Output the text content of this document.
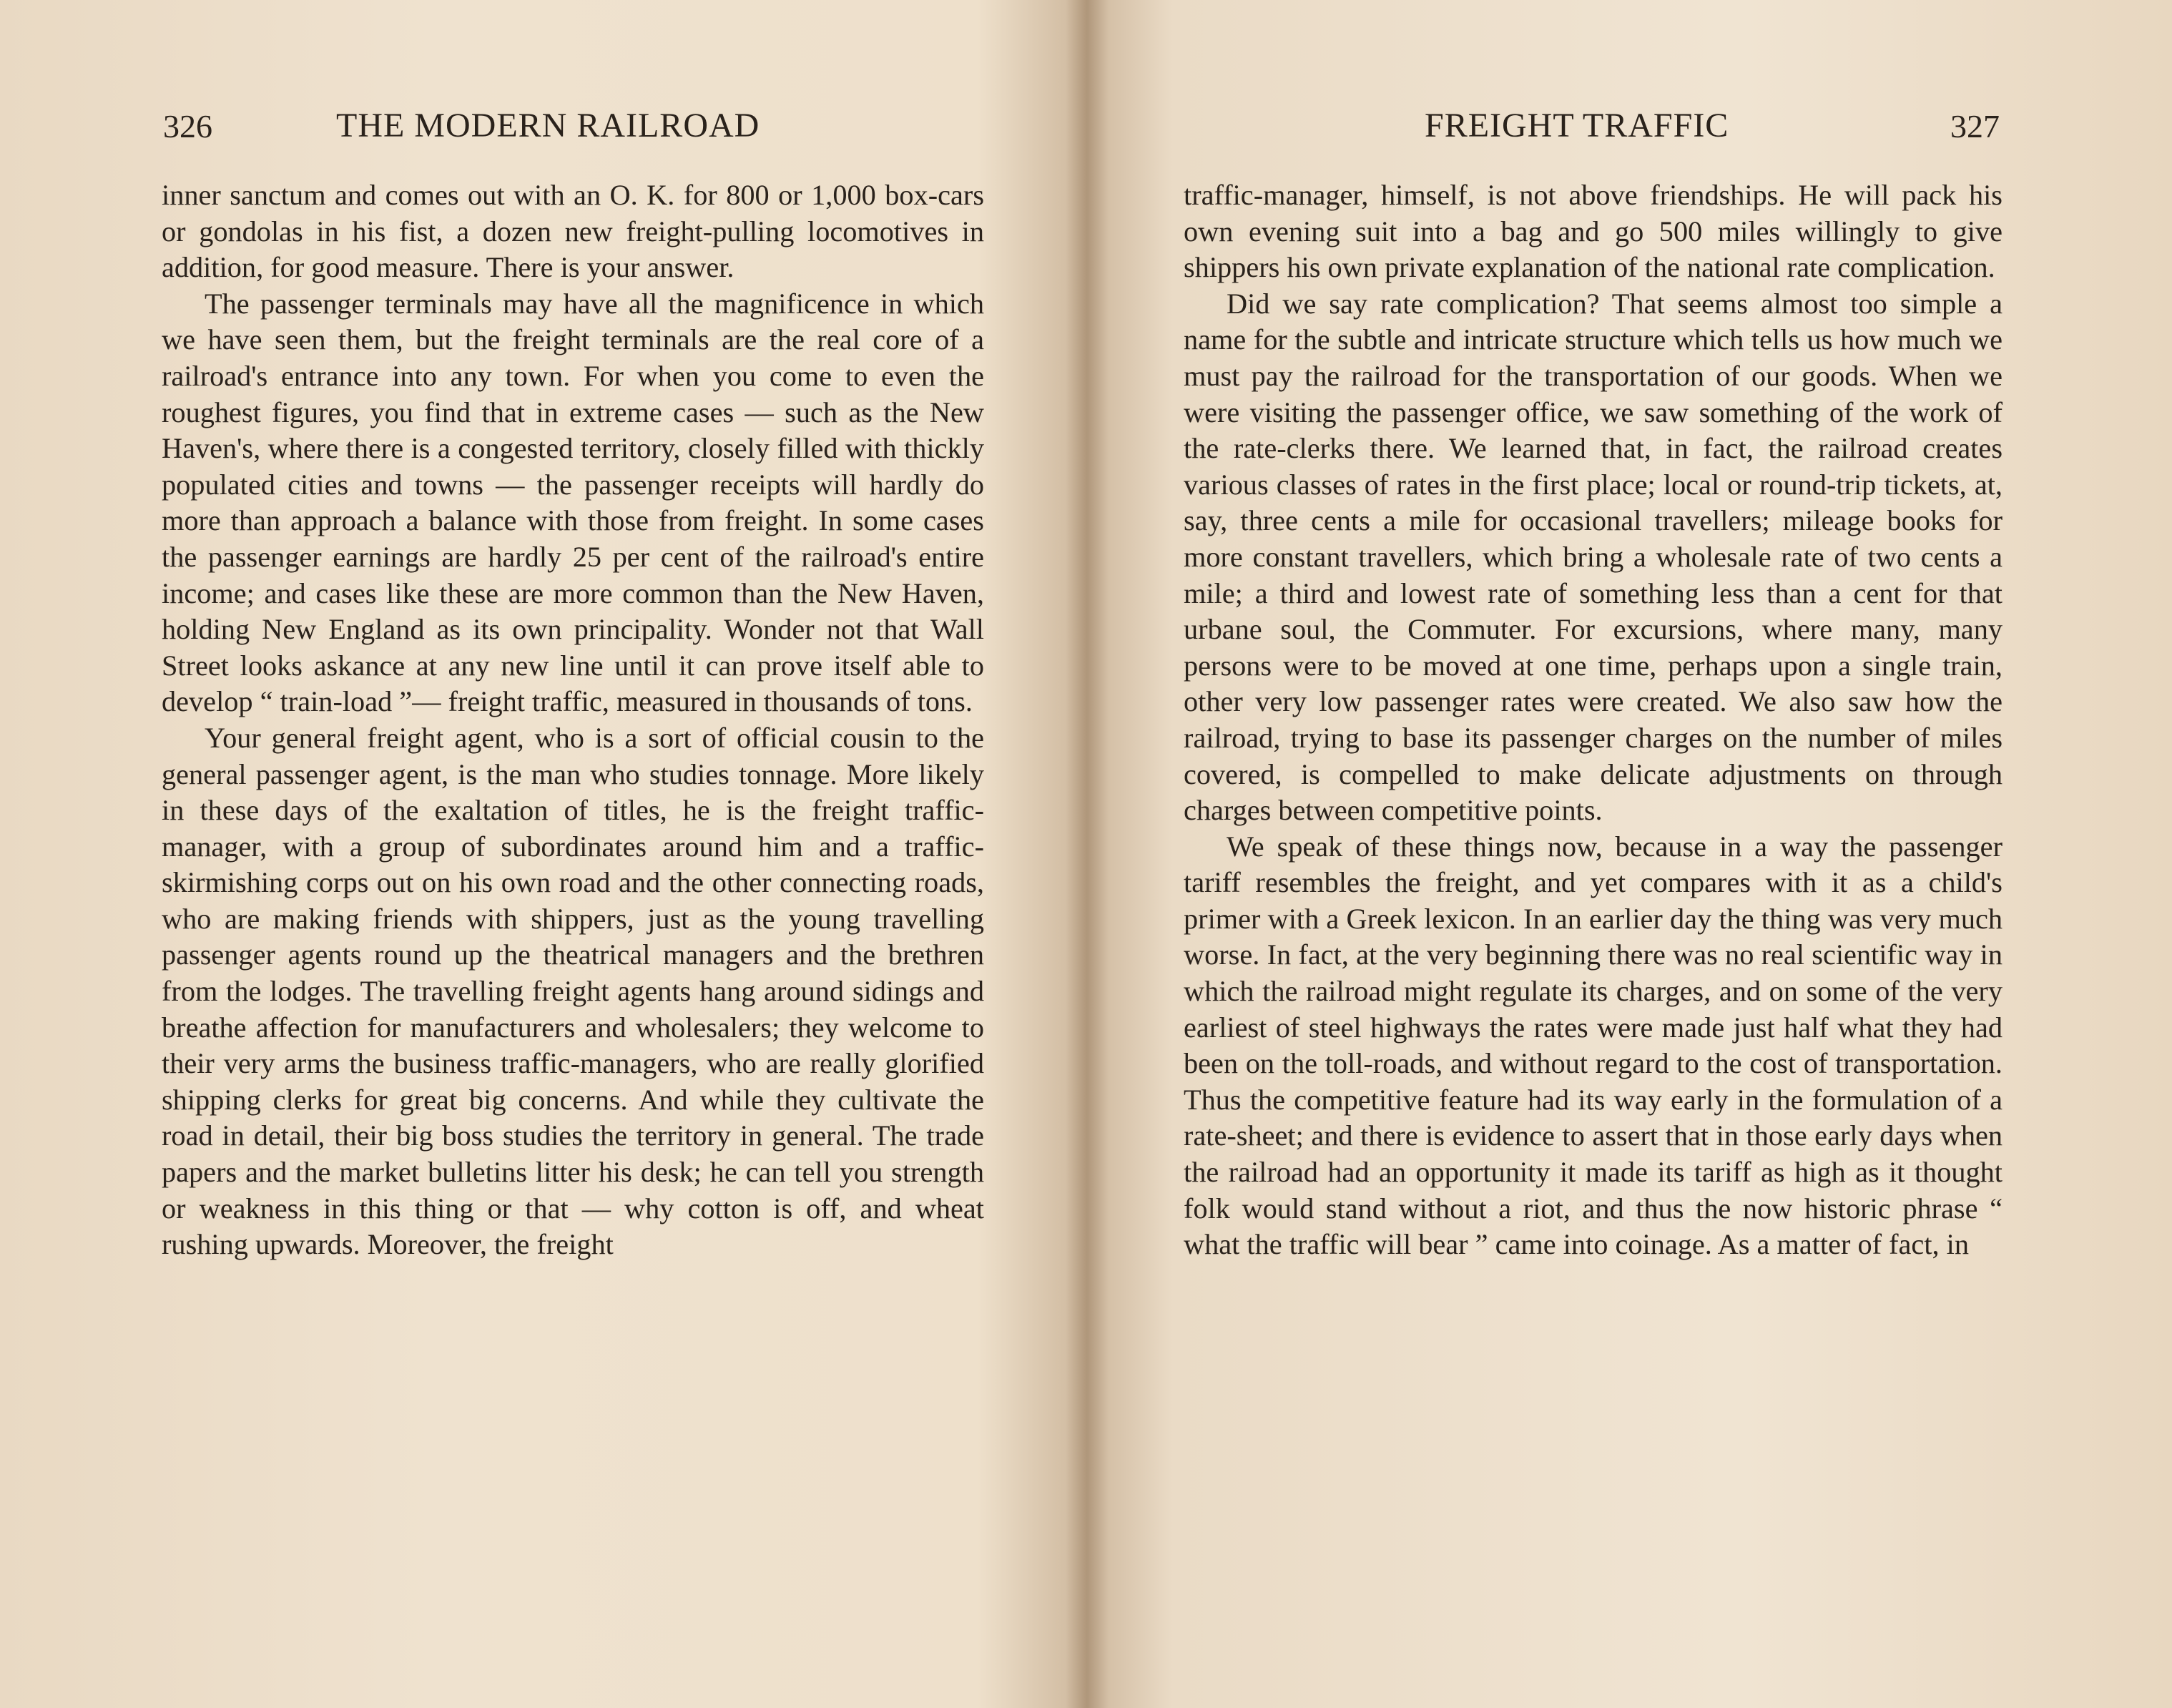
326	THE MODERN RAILROAD

inner sanctum and comes out with an O. K. for 800 or 1,000 box-cars or gondolas in his fist, a dozen new freight-pulling locomotives in addition, for good measure. There is your answer.

The passenger terminals may have all the magnificence in which we have seen them, but the freight terminals are the real core of a railroad's entrance into any town. For when you come to even the roughest figures, you find that in extreme cases — such as the New Haven's, where there is a congested territory, closely filled with thickly populated cities and towns — the passenger receipts will hardly do more than approach a balance with those from freight. In some cases the passenger earnings are hardly 25 per cent of the railroad's entire income; and cases like these are more common than the New Haven, holding New England as its own principality. Wonder not that Wall Street looks askance at any new line until it can prove itself able to develop “ train-load ”— freight traffic, measured in thousands of tons.

Your general freight agent, who is a sort of official cousin to the general passenger agent, is the man who studies tonnage. More likely in these days of the exaltation of titles, he is the freight traffic-manager, with a group of subordinates around him and a traffic-skirmishing corps out on his own road and the other connecting roads, who are making friends with shippers, just as the young travelling passenger agents round up the theatrical managers and the brethren from the lodges. The travelling freight agents hang around sidings and breathe affection for manufacturers and wholesalers; they welcome to their very arms the business traffic-managers, who are really glorified shipping clerks for great big concerns. And while they cultivate the road in detail, their big boss studies the territory in general. The trade papers and the market bulletins litter his desk; he can tell you strength or weakness in this thing or that — why cotton is off, and wheat rushing upwards. Moreover, the freight

FREIGHT TRAFFIC	327

traffic-manager, himself, is not above friendships. He will pack his own evening suit into a bag and go 500 miles willingly to give shippers his own private explanation of the national rate complication.

Did we say rate complication? That seems almost too simple a name for the subtle and intricate structure which tells us how much we must pay the railroad for the transportation of our goods. When we were visiting the passenger office, we saw something of the work of the rate-clerks there. We learned that, in fact, the railroad creates various classes of rates in the first place; local or round-trip tickets, at, say, three cents a mile for occasional travellers; mileage books for more constant travellers, which bring a wholesale rate of two cents a mile; a third and lowest rate of something less than a cent for that urbane soul, the Commuter. For excursions, where many, many persons were to be moved at one time, perhaps upon a single train, other very low passenger rates were created. We also saw how the railroad, trying to base its passenger charges on the number of miles covered, is compelled to make delicate adjustments on through charges between competitive points.

We speak of these things now, because in a way the passenger tariff resembles the freight, and yet compares with it as a child's primer with a Greek lexicon. In an earlier day the thing was very much worse. In fact, at the very beginning there was no real scientific way in which the railroad might regulate its charges, and on some of the very earliest of steel highways the rates were made just half what they had been on the toll-roads, and without regard to the cost of transportation. Thus the competitive feature had its way early in the formulation of a rate-sheet; and there is evidence to assert that in those early days when the railroad had an opportunity it made its tariff as high as it thought folk would stand without a riot, and thus the now historic phrase “ what the traffic will bear ” came into coinage. As a matter of fact, in
